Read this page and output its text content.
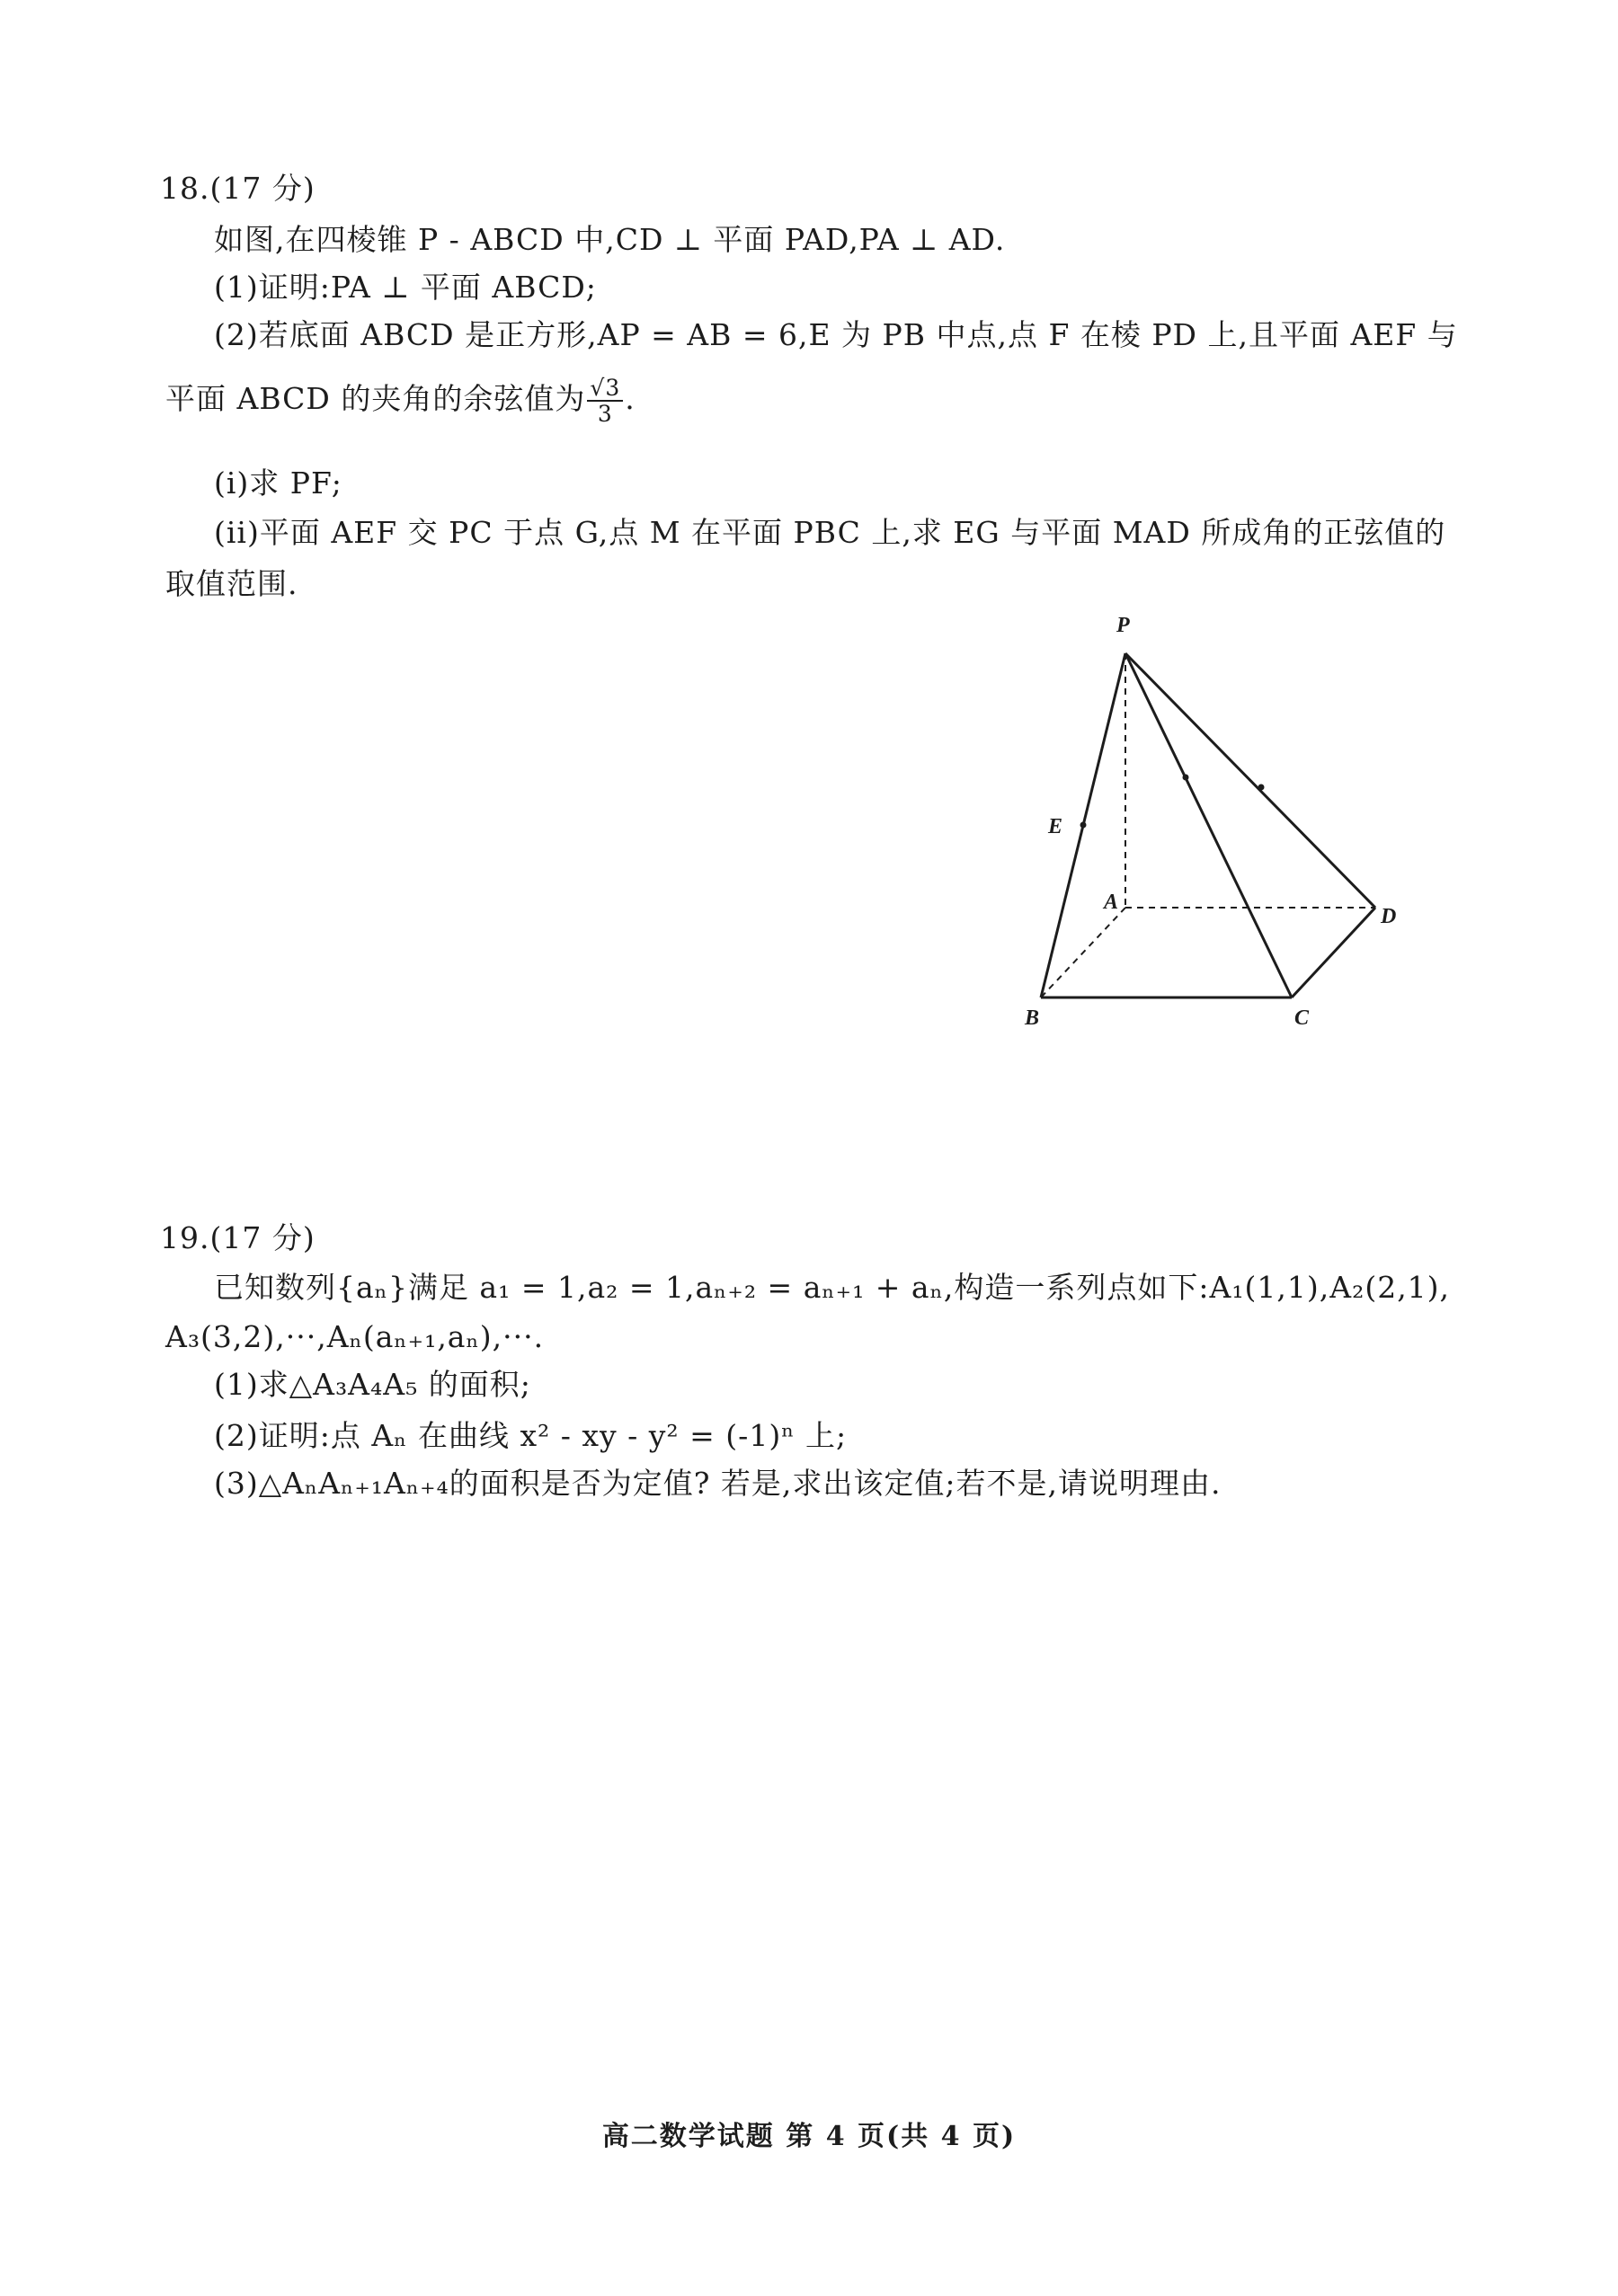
18.(17 分)
如图,在四棱锥 P - ABCD 中,CD ⊥ 平面 PAD,PA ⊥ AD.
(1)证明:PA ⊥ 平面 ABCD;
(2)若底面 ABCD 是正方形,AP = AB = 6,E 为 PB 中点,点 F 在棱 PD 上,且平面 AEF 与
平面 ABCD 的夹角的余弦值为 $\frac{√3}{3}$ .
(i)求 PF;
(ii)平面 AEF 交 PC 于点 G,点 M 在平面 PBC 上,求 EG 与平面 MAD 所成角的正弦值的
取值范围.
P
E
A
D
B	C
19.(17 分)
已知数列{aₙ}满足 a₁ = 1,a₂ = 1,aₙ₊₂ = aₙ₊₁ + aₙ,构造一系列点如下:A₁(1,1),A₂(2,1),
A₃(3,2),···,Aₙ(aₙ₊₁,aₙ),···.
(1)求△A₃A₄A₅ 的面积;
(2)证明:点 Aₙ 在曲线 x² - xy - y² = (-1)ⁿ 上;
(3)△AₙAₙ₊₁Aₙ₊₄的面积是否为定值? 若是,求出该定值;若不是,请说明理由.
高二数学试题 第 4 页(共 4 页)
